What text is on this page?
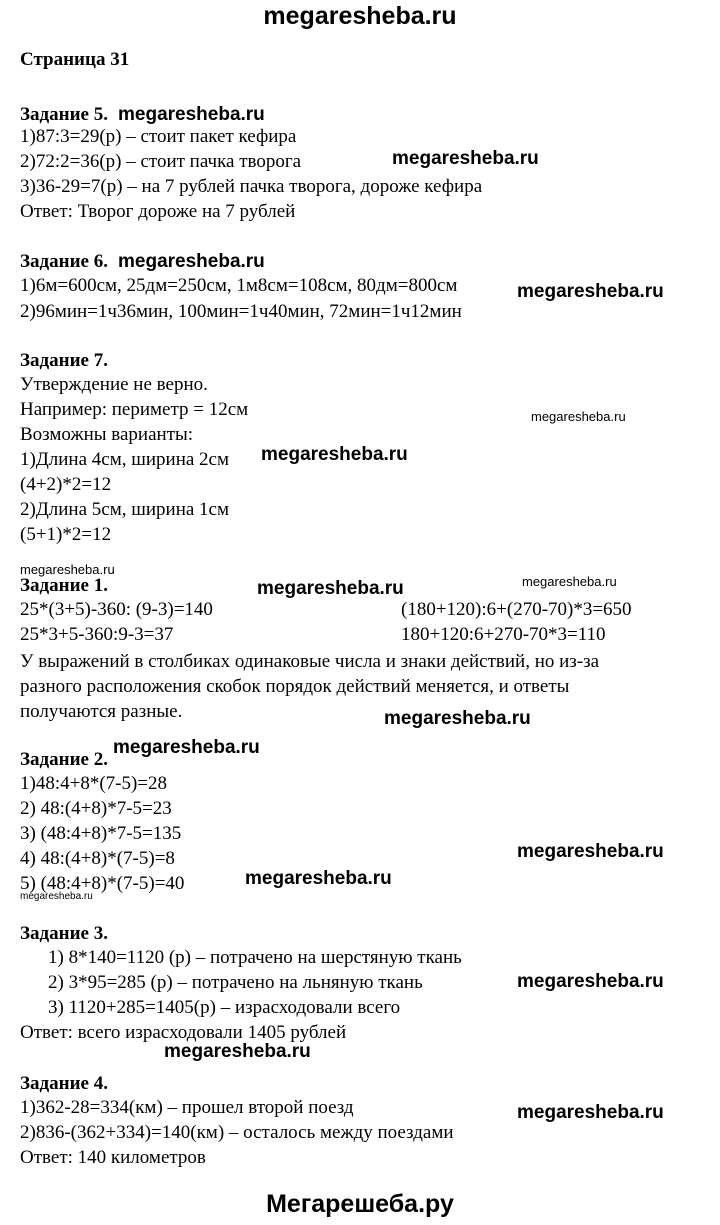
megaresheba.ru
Страница 31
Задание 5.
1)87:3=29(р) – стоит пакет кефира
2)72:2=36(р) – стоит пачка творога
3)36-29=7(р) – на 7 рублей пачка творога, дороже кефира
Ответ: Творог дороже на 7 рублей
Задание 6.
1)6м=600см, 25дм=250см, 1м8см=108см, 80дм=800см
2)96мин=1ч36мин, 100мин=1ч40мин, 72мин=1ч12мин
Задание 7.
Утверждение не верно.
Например: периметр = 12см
Возможны варианты:
1)Длина 4см, ширина 2см
(4+2)*2=12
2)Длина 5см, ширина 1см
(5+1)*2=12
Задание 1.
25*(3+5)-360: (9-3)=140
25*3+5-360:9-3=37
(180+120):6+(270-70)*3=650
180+120:6+270-70*3=110
У выражений в столбиках одинаковые числа и знаки действий, но из-за
разного расположения скобок порядок действий меняется, и ответы
получаются разные.
Задание 2.
1)48:4+8*(7-5)=28
2) 48:(4+8)*7-5=23
3) (48:4+8)*7-5=135
4) 48:(4+8)*(7-5)=8
5) (48:4+8)*(7-5)=40
Задание 3.
1) 8*140=1120 (р) – потрачено на шерстяную ткань
2) 3*95=285 (р) – потрачено на льняную ткань
3) 1120+285=1405(р) – израсходовали всего
Ответ: всего израсходовали 1405 рублей
Задание 4.
1)362-28=334(км) – прошел второй поезд
2)836-(362+334)=140(км) – осталось между поездами
Ответ: 140 километров
megaresheba.ru
megaresheba.ru
megaresheba.ru
megaresheba.ru
megaresheba.ru
megaresheba.ru
megaresheba.ru
megaresheba.ru	megaresheba.ru
megaresheba.ru
megaresheba.ru
megaresheba.ru
megaresheba.ru
megaresheba.ru
megaresheba.ru
megaresheba.ru
megaresheba.ru
Мегарешеба.ру
